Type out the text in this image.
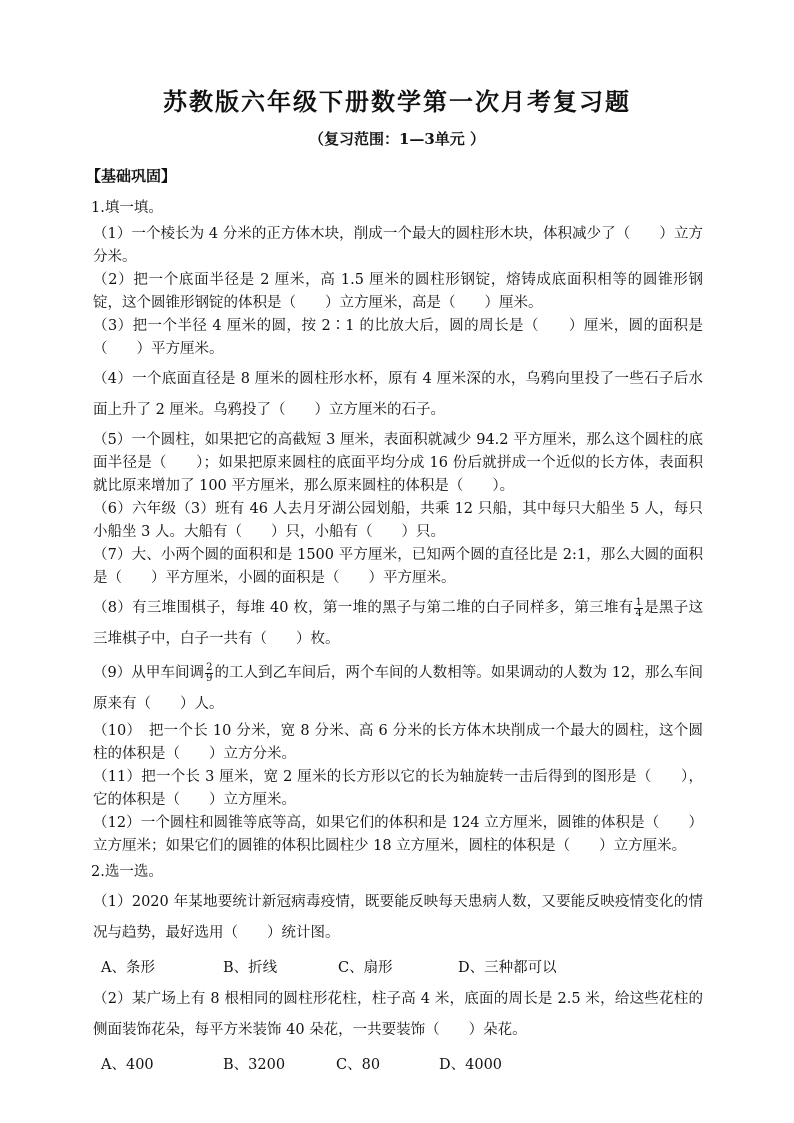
苏教版六年级下册数学第一次月考复习题
（复习范围：1—3单元 ）
【基础巩固】

1.填一填。

（1）一个棱长为 4 分米的正方体木块，削成一个最大的圆柱形木块，体积减少了（　　）立方分米。

（2）把一个底面半径是 2 厘米，高 1.5 厘米的圆柱形钢锭，熔铸成底面积相等的圆锥形钢锭，这个圆锥形钢锭的体积是（　　）立方厘米，高是（　　）厘米。

（3）把一个半径 4 厘米的圆，按 2∶1 的比放大后，圆的周长是（　　）厘米，圆的面积是（　　）平方厘米。

（4）一个底面直径是 8 厘米的圆柱形水杯，原有 4 厘米深的水，乌鸦向里投了一些石子后水面上升了 2 厘米。乌鸦投了（　　）立方厘米的石子。

（5）一个圆柱，如果把它的高截短 3 厘米，表面积就减少 94.2 平方厘米，那么这个圆柱的底面半径是（　　）；如果把原来圆柱的底面平均分成 16 份后就拼成一个近似的长方体，表面积就比原来增加了 100 平方厘米，那么原来圆柱的体积是（　　）。

（6）六年级（3）班有 46 人去月牙湖公园划船，共乘 12 只船，其中每只大船坐 5 人，每只小船坐 3 人。大船有（　　）只，小船有（　　）只。

（7）大、小两个圆的面积和是 1500 平方厘米，已知两个圆的直径比是 2:1，那么大圆的面积是（　　）平方厘米，小圆的面积是（　　）平方厘米。

（8）有三堆围棋子，每堆 40 枚，第一堆的黑子与第二堆的白子同样多，第三堆有 $\frac{1}{4}$ 是黑子这三堆棋子中，白子一共有（　　）枚。

（9）从甲车间调 $\frac{2}{9}$ 的工人到乙车间后，两个车间的人数相等。如果调动的人数为 12，那么车间原来有（　　）人。

（10）　把一个长 10 分米，宽 8 分米、高 6 分米的长方体木块削成一个最大的圆柱，这个圆柱的体积是（　　）立方分米。

（11）把一个长 3 厘米，宽 2 厘米的长方形以它的长为轴旋转一击后得到的图形是（　　），它的体积是（　　）立方厘米。

（12）一个圆柱和圆锥等底等高，如果它们的体积和是 124 立方厘米，圆锥的体积是（　　）立方厘米；如果它们的圆锥的体积比圆柱少 18 立方厘米，圆柱的体积是（　　）立方厘米。

2.选一选。

（1）2020 年某地要统计新冠病毒疫情，既要能反映每天患病人数，又要能反映疫情变化的情况与趋势，最好选用（　　）统计图。

A、条形	B、折线	C、扇形	D、三种都可以

（2）某广场上有 8 根相同的圆柱形花柱，柱子高 4 米，底面的周长是 2.5 米，给这些花柱的侧面装饰花朵，每平方米装饰 40 朵花，一共要装饰（　　）朵花。

A、400	B、3200	C、80	D、4000
